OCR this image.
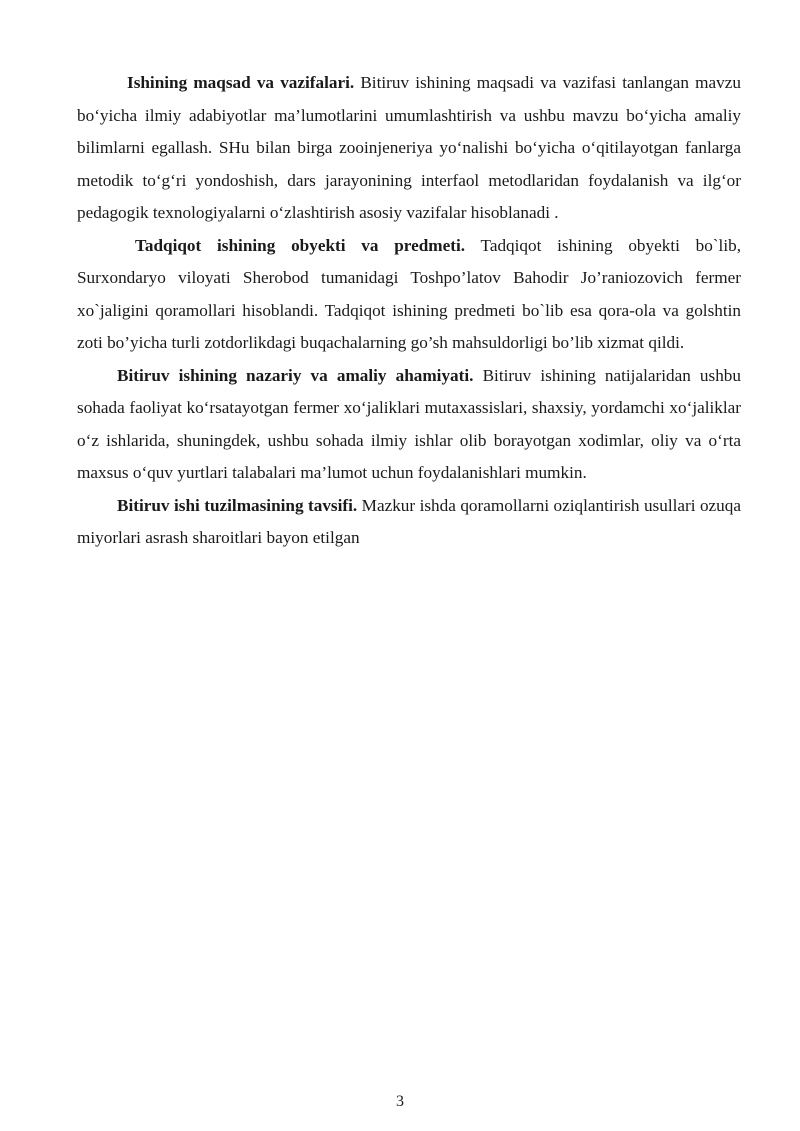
Ishining maqsad va vazifalari. Bitiruv ishining maqsadi va vazifasi tanlangan mavzu bo‘yicha ilmiy adabiyotlar ma’lumotlarini umumlashtirish va ushbu mavzu bo‘yicha amaliy bilimlarni egallash. SHu bilan birga zooinjeneriya yo‘nalishi bo‘yicha o‘qitilayotgan fanlarga metodik to‘g‘ri yondoshish, dars jarayonining interfaol metodlaridan foydalanish va ilg‘or pedagogik texnologiyalarni o‘zlashtirish asosiy vazifalar hisoblanadi .

Tadqiqot ishining obyekti va predmeti. Tadqiqot ishining obyekti bo`lib, Surxondaryo viloyati Sherobod tumanidagi Toshpo’latov Bahodir Jo’raniozovich fermer xo`jaligini qoramollari hisoblandi. Tadqiqot ishining predmeti bo`lib esa qora-ola va golshtin zoti bo’yicha turli zotdorlikdagi buqachalarning go’sh mahsuldorligi bo’lib xizmat qildi.

Bitiruv ishining nazariy va amaliy ahamiyati. Bitiruv ishining natijalaridan ushbu sohada faoliyat ko‘rsatayotgan fermer xo‘jaliklari mutaxassislari, shaxsiy, yordamchi xo‘jaliklar o‘z ishlarida, shuningdek, ushbu sohada ilmiy ishlar olib borayotgan xodimlar, oliy va o‘rta maxsus o‘quv yurtlari talabalari ma’lumot uchun foydalanishlari mumkin.

Bitiruv ishi tuzilmasining tavsifi. Mazkur ishda qoramollarni oziqlantirish usullari ozuqa miyorlari asrash sharoitlari bayon etilgan

3
